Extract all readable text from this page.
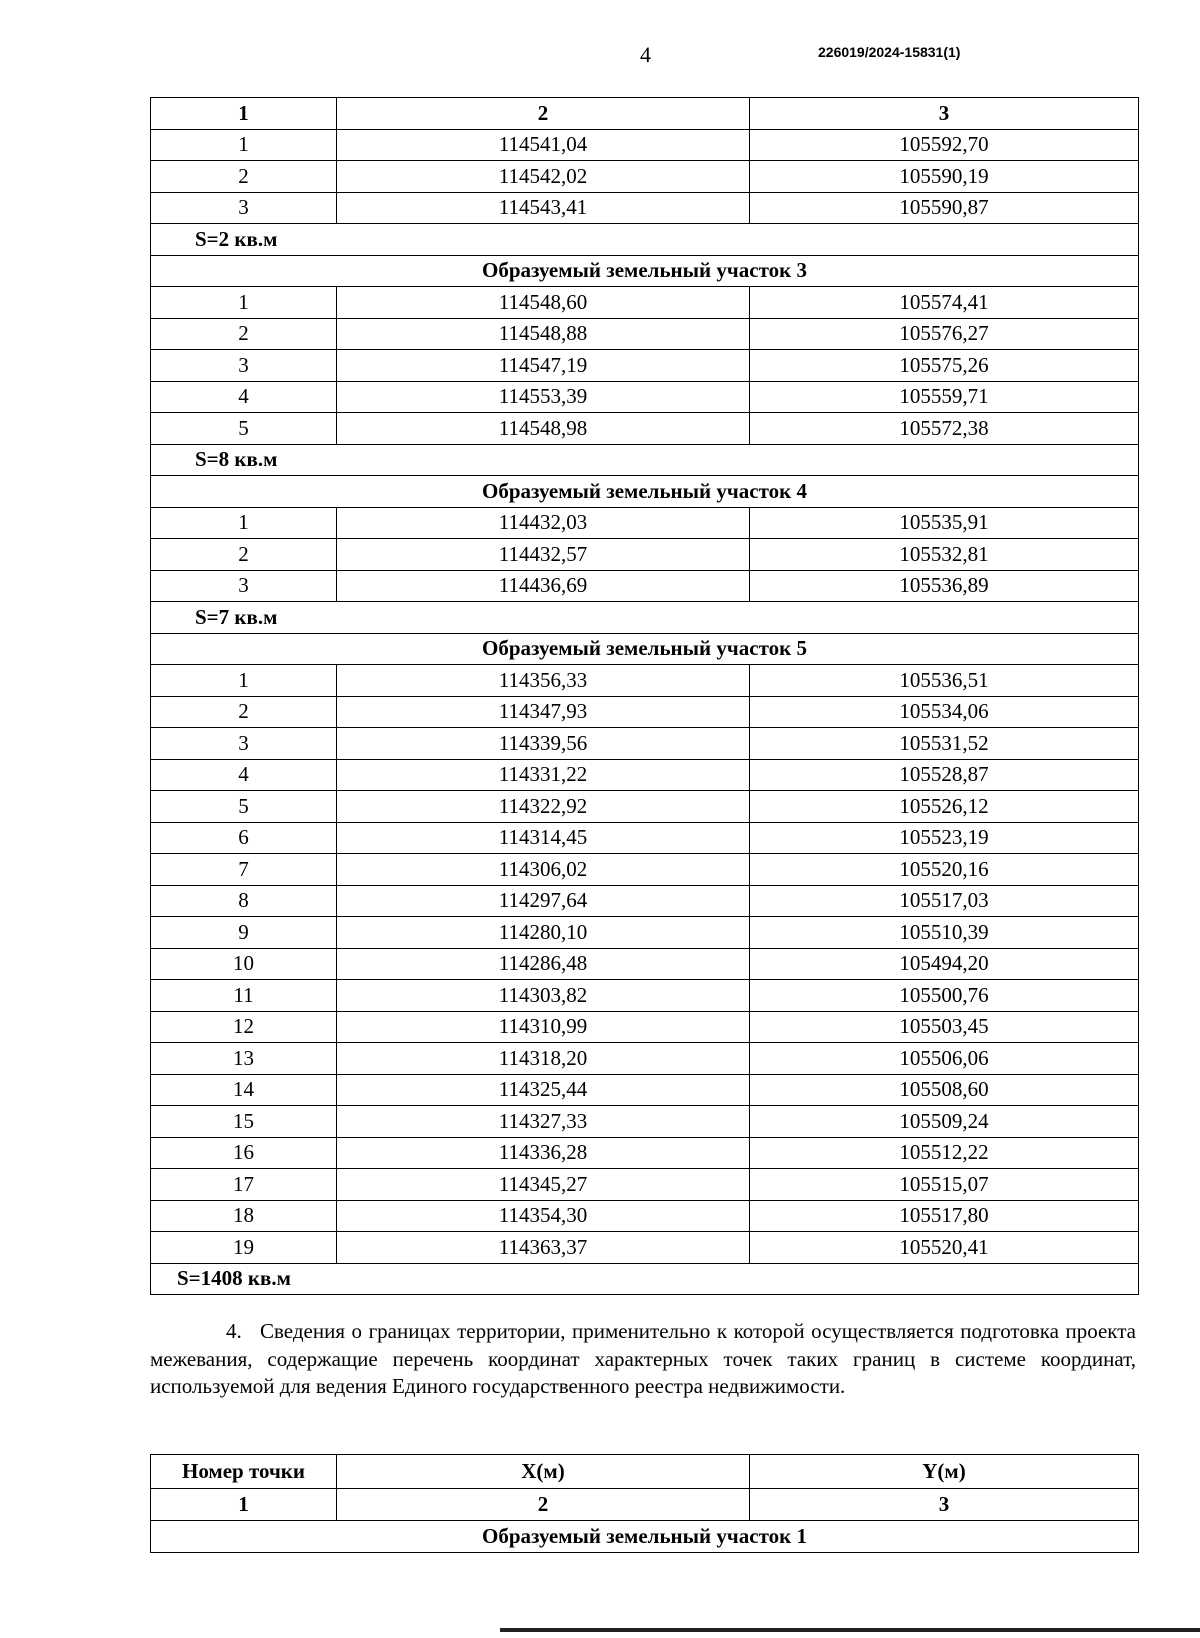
4	226019/2024-15831(1)
1	2	3
1	114541,04	105592,70
2	114542,02	105590,19
3	114543,41	105590,87
S=2 кв.м		
Образуемый земельный участок 3		
1	114548,60	105574,41
2	114548,88	105576,27
3	114547,19	105575,26
4	114553,39	105559,71
5	114548,98	105572,38
S=8 кв.м		
Образуемый земельный участок 4		
1	114432,03	105535,91
2	114432,57	105532,81
3	114436,69	105536,89
S=7 кв.м		
Образуемый земельный участок 5		
1	114356,33	105536,51
2	114347,93	105534,06
3	114339,56	105531,52
4	114331,22	105528,87
5	114322,92	105526,12
6	114314,45	105523,19
7	114306,02	105520,16
8	114297,64	105517,03
9	114280,10	105510,39
10	114286,48	105494,20
11	114303,82	105500,76
12	114310,99	105503,45
13	114318,20	105506,06
14	114325,44	105508,60
15	114327,33	105509,24
16	114336,28	105512,22
17	114345,27	105515,07
18	114354,30	105517,80
19	114363,37	105520,41
S=1408 кв.м		
4. Сведения о границах территории, применительно к которой осуществляется подготовка проекта межевания, содержащие перечень координат характерных точек таких границ в системе координат, используемой для ведения Единого государственного реестра недвижимости.
Номер точки	X(м)	Y(м)
1	2	3
Образуемый земельный участок 1		
